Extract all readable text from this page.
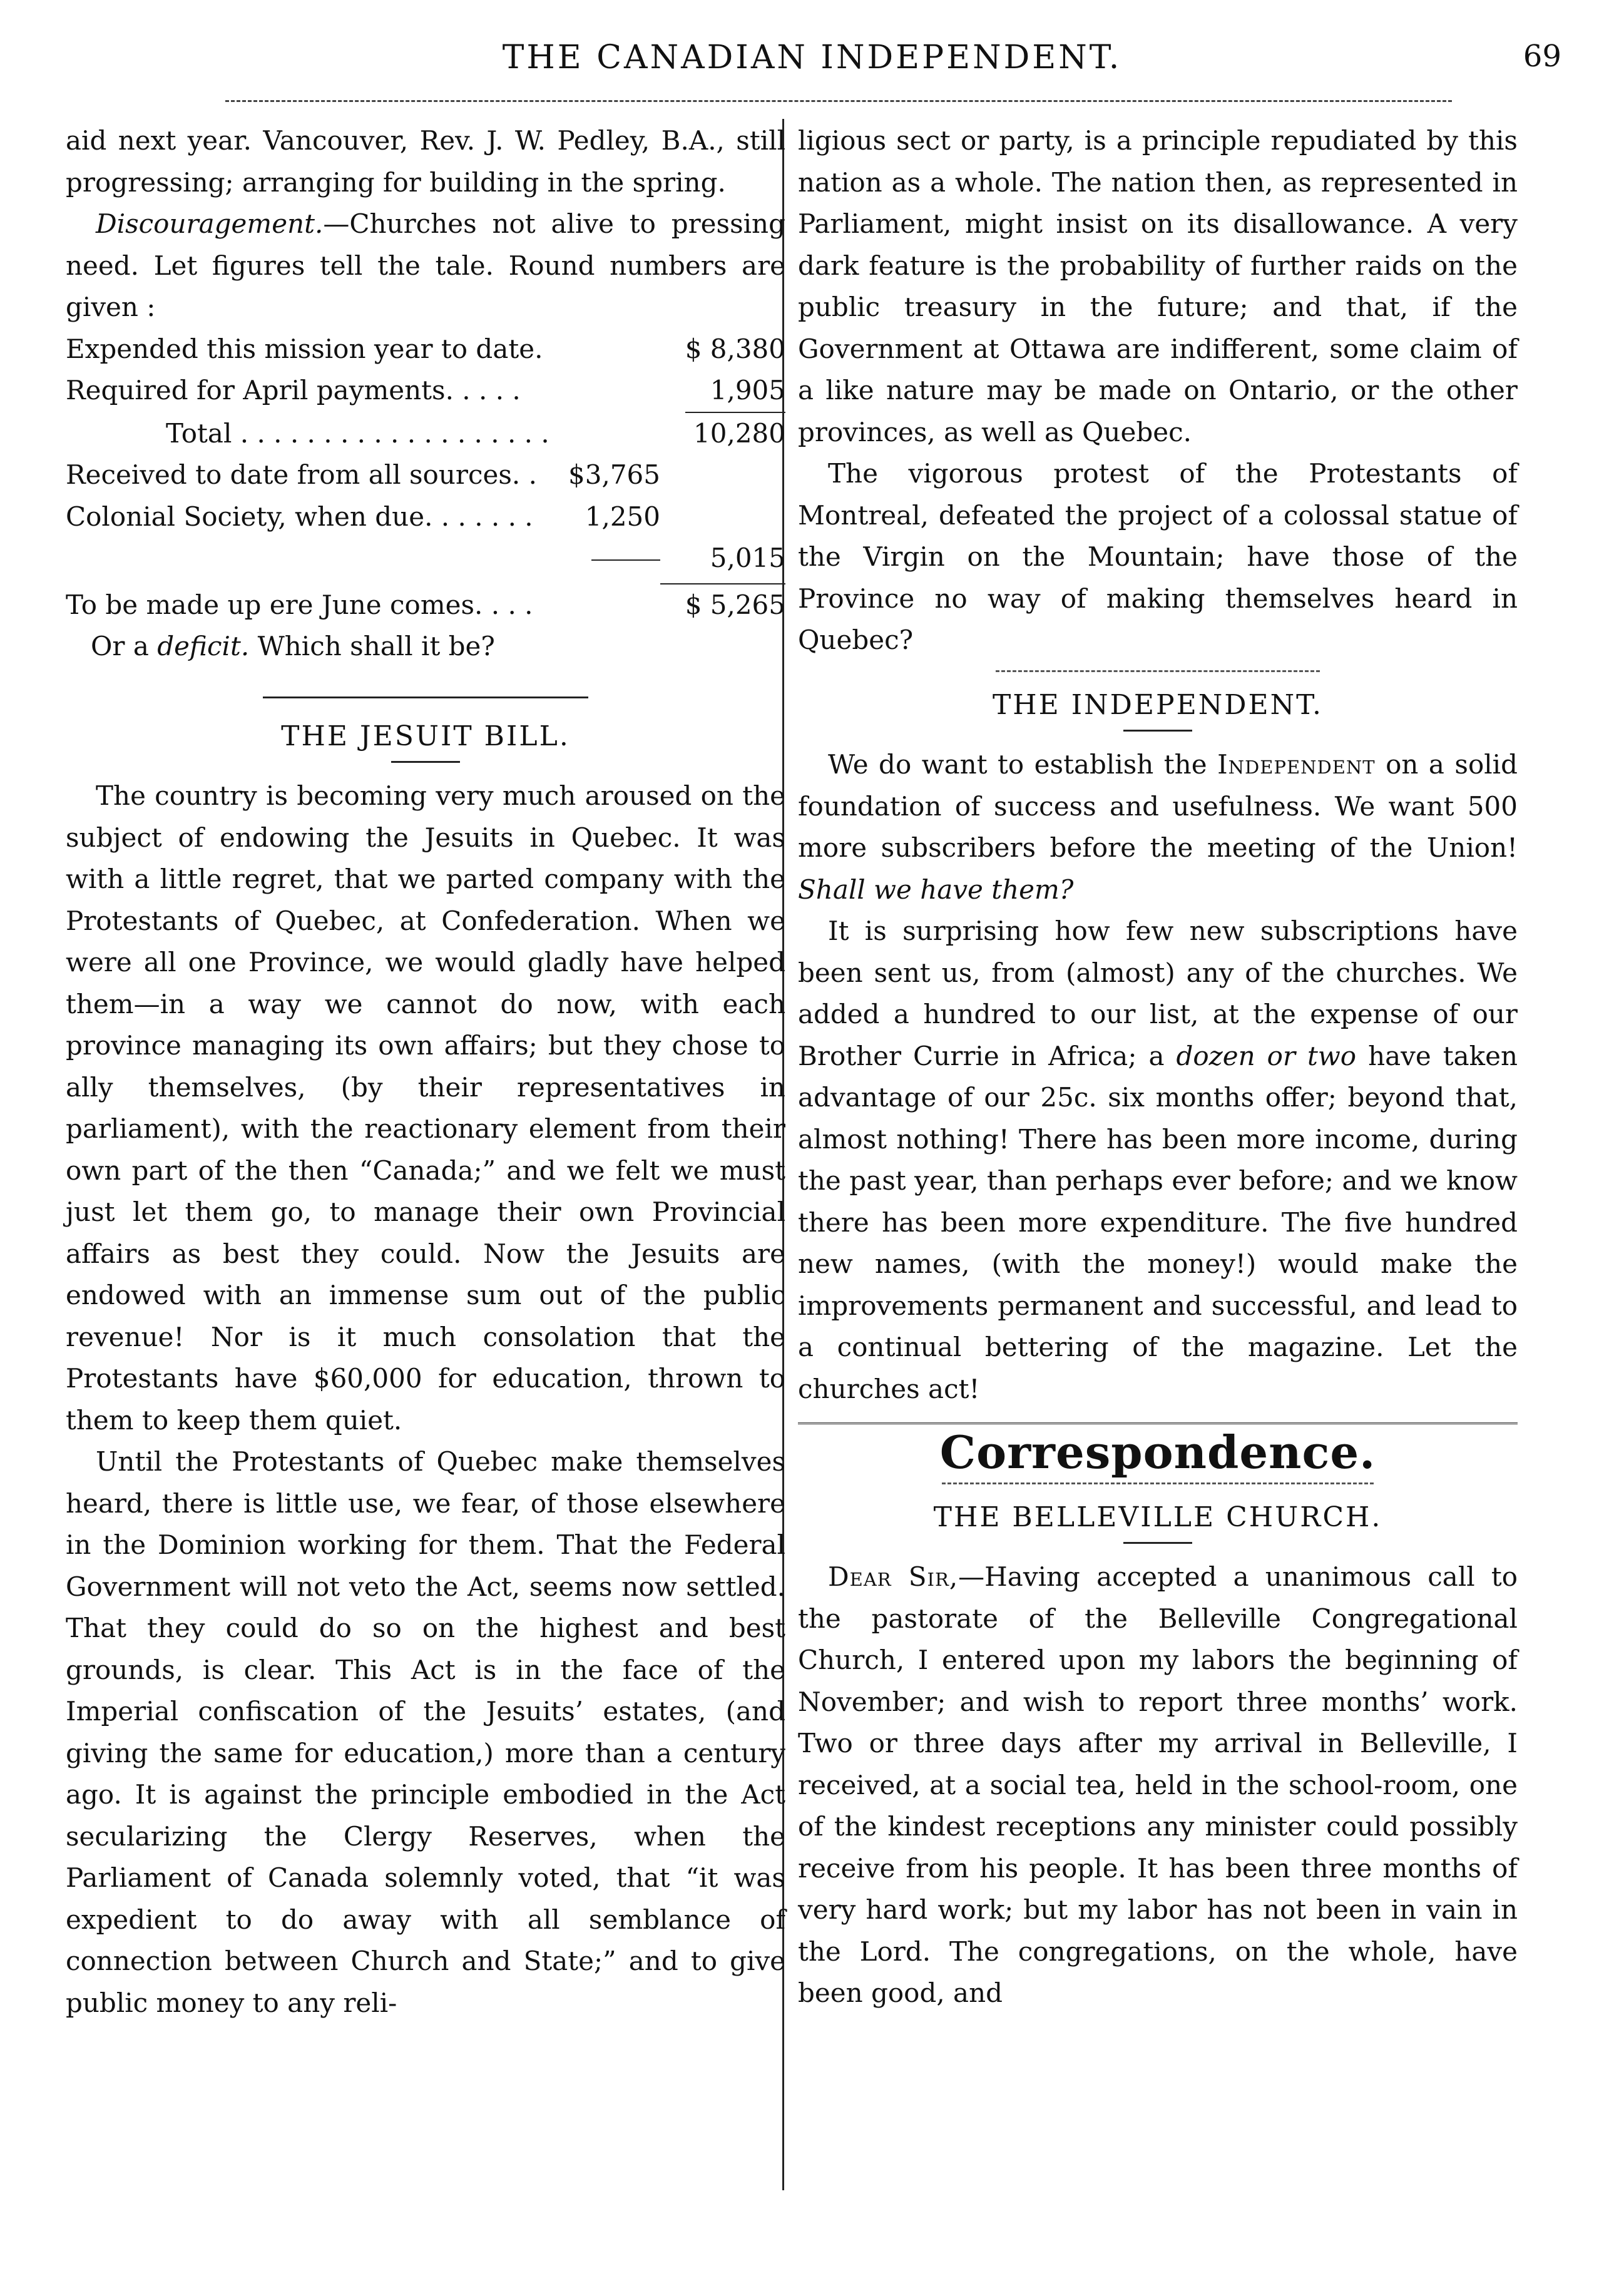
THE CANADIAN INDEPENDENT.	69

aid next year. Vancouver, Rev. J. W. Pedley, B.A., still progressing; arranging for building in the spring.

Discouragement.—Churches not alive to pressing need. Let figures tell the tale. Round numbers are given :

Expended this mission year to date.	$ 8,380
Required for April payments. . . . .	1,905
Total . . . . . . . . . . . . . . . . . . .	10,280
Received to date from all sources. .	$3,765
Colonial Society, when due. . . . . . .	1,250
5,015
To be made up ere June comes. . . .	$ 5,265
Or a deficit. Which shall it be?
THE JESUIT BILL.

The country is becoming very much aroused on the subject of endowing the Jesuits in Quebec. It was with a little regret, that we parted company with the Protestants of Quebec, at Confederation. When we were all one Province, we would gladly have helped them—in a way we cannot do now, with each province managing its own affairs; but they chose to ally themselves, (by their representatives in parliament), with the reactionary element from their own part of the then “Canada;” and we felt we must just let them go, to manage their own Provincial affairs as best they could. Now the Jesuits are endowed with an immense sum out of the public revenue! Nor is it much consolation that the Protestants have $60,000 for education, thrown to them to keep them quiet.

Until the Protestants of Quebec make themselves heard, there is little use, we fear, of those elsewhere in the Dominion working for them. That the Federal Government will not veto the Act, seems now settled. That they could do so on the highest and best grounds, is clear. This Act is in the face of the Imperial confiscation of the Jesuits’ estates, (and giving the same for education,) more than a century ago. It is against the principle embodied in the Act secularizing the Clergy Reserves, when the Parliament of Canada solemnly voted, that “it was expedient to do away with all semblance of connection between Church and State;” and to give public money to any reli-

ligious sect or party, is a principle repudiated by this nation as a whole. The nation then, as represented in Parliament, might insist on its disallowance. A very dark feature is the probability of further raids on the public treasury in the future; and that, if the Government at Ottawa are indifferent, some claim of a like nature may be made on Ontario, or the other provinces, as well as Quebec.

The vigorous protest of the Protestants of Montreal, defeated the project of a colossal statue of the Virgin on the Mountain; have those of the Province no way of making themselves heard in Quebec?

THE INDEPENDENT.

We do want to establish the Independent on a solid foundation of success and usefulness. We want 500 more subscribers before the meeting of the Union! Shall we have them?

It is surprising how few new subscriptions have been sent us, from (almost) any of the churches. We added a hundred to our list, at the expense of our Brother Currie in Africa; a dozen or two have taken advantage of our 25c. six months offer; beyond that, almost nothing! There has been more income, during the past year, than perhaps ever before; and we know there has been more expenditure. The five hundred new names, (with the money!) would make the improvements permanent and successful, and lead to a continual bettering of the magazine. Let the churches act!

Correspondence.
THE BELLEVILLE CHURCH.

Dear Sir,—Having accepted a unanimous call to the pastorate of the Belleville Congregational Church, I entered upon my labors the beginning of November; and wish to report three months’ work. Two or three days after my arrival in Belleville, I received, at a social tea, held in the school-room, one of the kindest receptions any minister could possibly receive from his people. It has been three months of very hard work; but my labor has not been in vain in the Lord. The congregations, on the whole, have been good, and
